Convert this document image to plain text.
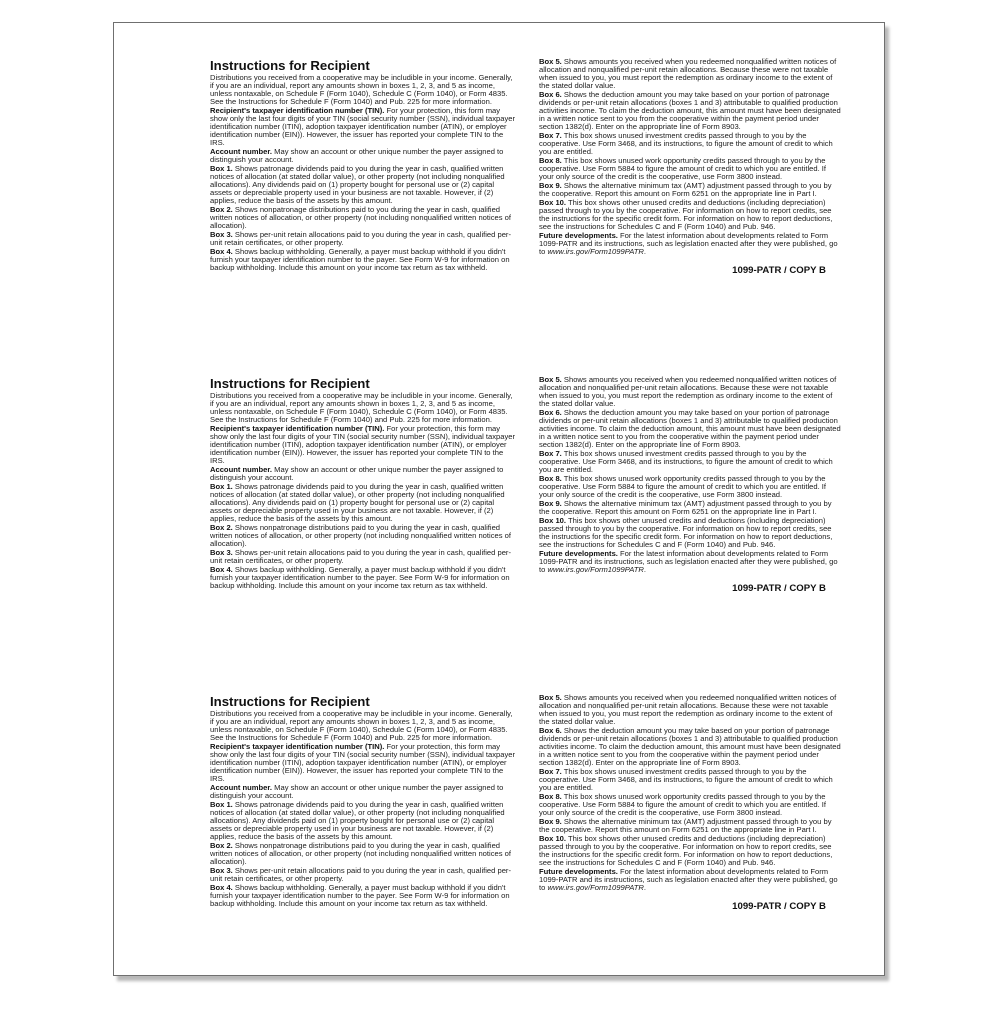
Instructions for Recipient

Distributions you received from a cooperative may be includible in your income. Generally, if you are an individual, report any amounts shown in boxes 1, 2, 3, and 5 as income, unless nontaxable, on Schedule F (Form 1040), Schedule C (Form 1040), or Form 4835. See the Instructions for Schedule F (Form 1040) and Pub. 225 for more information.

Recipient's taxpayer identification number (TIN). For your protection, this form may show only the last four digits of your TIN (social security number (SSN), individual taxpayer identification number (ITIN), adoption taxpayer identification number (ATIN), or employer identification number (EIN)). However, the issuer has reported your complete TIN to the IRS.

Account number. May show an account or other unique number the payer assigned to distinguish your account.

Box 1. Shows patronage dividends paid to you during the year in cash, qualified written notices of allocation (at stated dollar value), or other property (not including nonqualified allocations). Any dividends paid on (1) property bought for personal use or (2) capital assets or depreciable property used in your business are not taxable. However, if (2) applies, reduce the basis of the assets by this amount.

Box 2. Shows nonpatronage distributions paid to you during the year in cash, qualified written notices of allocation, or other property (not including nonqualified written notices of allocation).

Box 3. Shows per-unit retain allocations paid to you during the year in cash, qualified per-unit retain certificates, or other property.

Box 4. Shows backup withholding. Generally, a payer must backup withhold if you didn't furnish your taxpayer identification number to the payer. See Form W-9 for information on backup withholding. Include this amount on your income tax return as tax withheld.

Box 5. Shows amounts you received when you redeemed nonqualified written notices of allocation and nonqualified per-unit retain allocations. Because these were not taxable when issued to you, you must report the redemption as ordinary income to the extent of the stated dollar value.

Box 6. Shows the deduction amount you may take based on your portion of patronage dividends or per-unit retain allocations (boxes 1 and 3) attributable to qualified production activities income. To claim the deduction amount, this amount must have been designated in a written notice sent to you from the cooperative within the payment period under section 1382(d). Enter on the appropriate line of Form 8903.

Box 7. This box shows unused investment credits passed through to you by the cooperative. Use Form 3468, and its instructions, to figure the amount of credit to which you are entitled.

Box 8. This box shows unused work opportunity credits passed through to you by the cooperative. Use Form 5884 to figure the amount of credit to which you are entitled. If your only source of the credit is the cooperative, use Form 3800 instead.

Box 9. Shows the alternative minimum tax (AMT) adjustment passed through to you by the cooperative. Report this amount on Form 6251 on the appropriate line in Part I.

Box 10. This box shows other unused credits and deductions (including depreciation) passed through to you by the cooperative. For information on how to report credits, see the instructions for the specific credit form. For information on how to report deductions, see the instructions for Schedules C and F (Form 1040) and Pub. 946.

Future developments. For the latest information about developments related to Form 1099-PATR and its instructions, such as legislation enacted after they were published, go to www.irs.gov/Form1099PATR.

1099-PATR / COPY B
Instructions for Recipient

Distributions you received from a cooperative may be includible in your income. Generally, if you are an individual, report any amounts shown in boxes 1, 2, 3, and 5 as income, unless nontaxable, on Schedule F (Form 1040), Schedule C (Form 1040), or Form 4835. See the Instructions for Schedule F (Form 1040) and Pub. 225 for more information.

Recipient's taxpayer identification number (TIN). For your protection, this form may show only the last four digits of your TIN (social security number (SSN), individual taxpayer identification number (ITIN), adoption taxpayer identification number (ATIN), or employer identification number (EIN)). However, the issuer has reported your complete TIN to the IRS.

Account number. May show an account or other unique number the payer assigned to distinguish your account.

Box 1. Shows patronage dividends paid to you during the year in cash, qualified written notices of allocation (at stated dollar value), or other property (not including nonqualified allocations). Any dividends paid on (1) property bought for personal use or (2) capital assets or depreciable property used in your business are not taxable. However, if (2) applies, reduce the basis of the assets by this amount.

Box 2. Shows nonpatronage distributions paid to you during the year in cash, qualified written notices of allocation, or other property (not including nonqualified written notices of allocation).

Box 3. Shows per-unit retain allocations paid to you during the year in cash, qualified per-unit retain certificates, or other property.

Box 4. Shows backup withholding. Generally, a payer must backup withhold if you didn't furnish your taxpayer identification number to the payer. See Form W-9 for information on backup withholding. Include this amount on your income tax return as tax withheld.

Box 5. Shows amounts you received when you redeemed nonqualified written notices of allocation and nonqualified per-unit retain allocations. Because these were not taxable when issued to you, you must report the redemption as ordinary income to the extent of the stated dollar value.

Box 6. Shows the deduction amount you may take based on your portion of patronage dividends or per-unit retain allocations (boxes 1 and 3) attributable to qualified production activities income. To claim the deduction amount, this amount must have been designated in a written notice sent to you from the cooperative within the payment period under section 1382(d). Enter on the appropriate line of Form 8903.

Box 7. This box shows unused investment credits passed through to you by the cooperative. Use Form 3468, and its instructions, to figure the amount of credit to which you are entitled.

Box 8. This box shows unused work opportunity credits passed through to you by the cooperative. Use Form 5884 to figure the amount of credit to which you are entitled. If your only source of the credit is the cooperative, use Form 3800 instead.

Box 9. Shows the alternative minimum tax (AMT) adjustment passed through to you by the cooperative. Report this amount on Form 6251 on the appropriate line in Part I.

Box 10. This box shows other unused credits and deductions (including depreciation) passed through to you by the cooperative. For information on how to report credits, see the instructions for the specific credit form. For information on how to report deductions, see the instructions for Schedules C and F (Form 1040) and Pub. 946.

Future developments. For the latest information about developments related to Form 1099-PATR and its instructions, such as legislation enacted after they were published, go to www.irs.gov/Form1099PATR.

1099-PATR / COPY B
Instructions for Recipient

Distributions you received from a cooperative may be includible in your income. Generally, if you are an individual, report any amounts shown in boxes 1, 2, 3, and 5 as income, unless nontaxable, on Schedule F (Form 1040), Schedule C (Form 1040), or Form 4835. See the Instructions for Schedule F (Form 1040) and Pub. 225 for more information.

Recipient's taxpayer identification number (TIN). For your protection, this form may show only the last four digits of your TIN (social security number (SSN), individual taxpayer identification number (ITIN), adoption taxpayer identification number (ATIN), or employer identification number (EIN)). However, the issuer has reported your complete TIN to the IRS.

Account number. May show an account or other unique number the payer assigned to distinguish your account.

Box 1. Shows patronage dividends paid to you during the year in cash, qualified written notices of allocation (at stated dollar value), or other property (not including nonqualified allocations). Any dividends paid on (1) property bought for personal use or (2) capital assets or depreciable property used in your business are not taxable. However, if (2) applies, reduce the basis of the assets by this amount.

Box 2. Shows nonpatronage distributions paid to you during the year in cash, qualified written notices of allocation, or other property (not including nonqualified written notices of allocation).

Box 3. Shows per-unit retain allocations paid to you during the year in cash, qualified per-unit retain certificates, or other property.

Box 4. Shows backup withholding. Generally, a payer must backup withhold if you didn't furnish your taxpayer identification number to the payer. See Form W-9 for information on backup withholding. Include this amount on your income tax return as tax withheld.

Box 5. Shows amounts you received when you redeemed nonqualified written notices of allocation and nonqualified per-unit retain allocations. Because these were not taxable when issued to you, you must report the redemption as ordinary income to the extent of the stated dollar value.

Box 6. Shows the deduction amount you may take based on your portion of patronage dividends or per-unit retain allocations (boxes 1 and 3) attributable to qualified production activities income. To claim the deduction amount, this amount must have been designated in a written notice sent to you from the cooperative within the payment period under section 1382(d). Enter on the appropriate line of Form 8903.

Box 7. This box shows unused investment credits passed through to you by the cooperative. Use Form 3468, and its instructions, to figure the amount of credit to which you are entitled.

Box 8. This box shows unused work opportunity credits passed through to you by the cooperative. Use Form 5884 to figure the amount of credit to which you are entitled. If your only source of the credit is the cooperative, use Form 3800 instead.

Box 9. Shows the alternative minimum tax (AMT) adjustment passed through to you by the cooperative. Report this amount on Form 6251 on the appropriate line in Part I.

Box 10. This box shows other unused credits and deductions (including depreciation) passed through to you by the cooperative. For information on how to report credits, see the instructions for the specific credit form. For information on how to report deductions, see the instructions for Schedules C and F (Form 1040) and Pub. 946.

Future developments. For the latest information about developments related to Form 1099-PATR and its instructions, such as legislation enacted after they were published, go to www.irs.gov/Form1099PATR.

1099-PATR / COPY B
